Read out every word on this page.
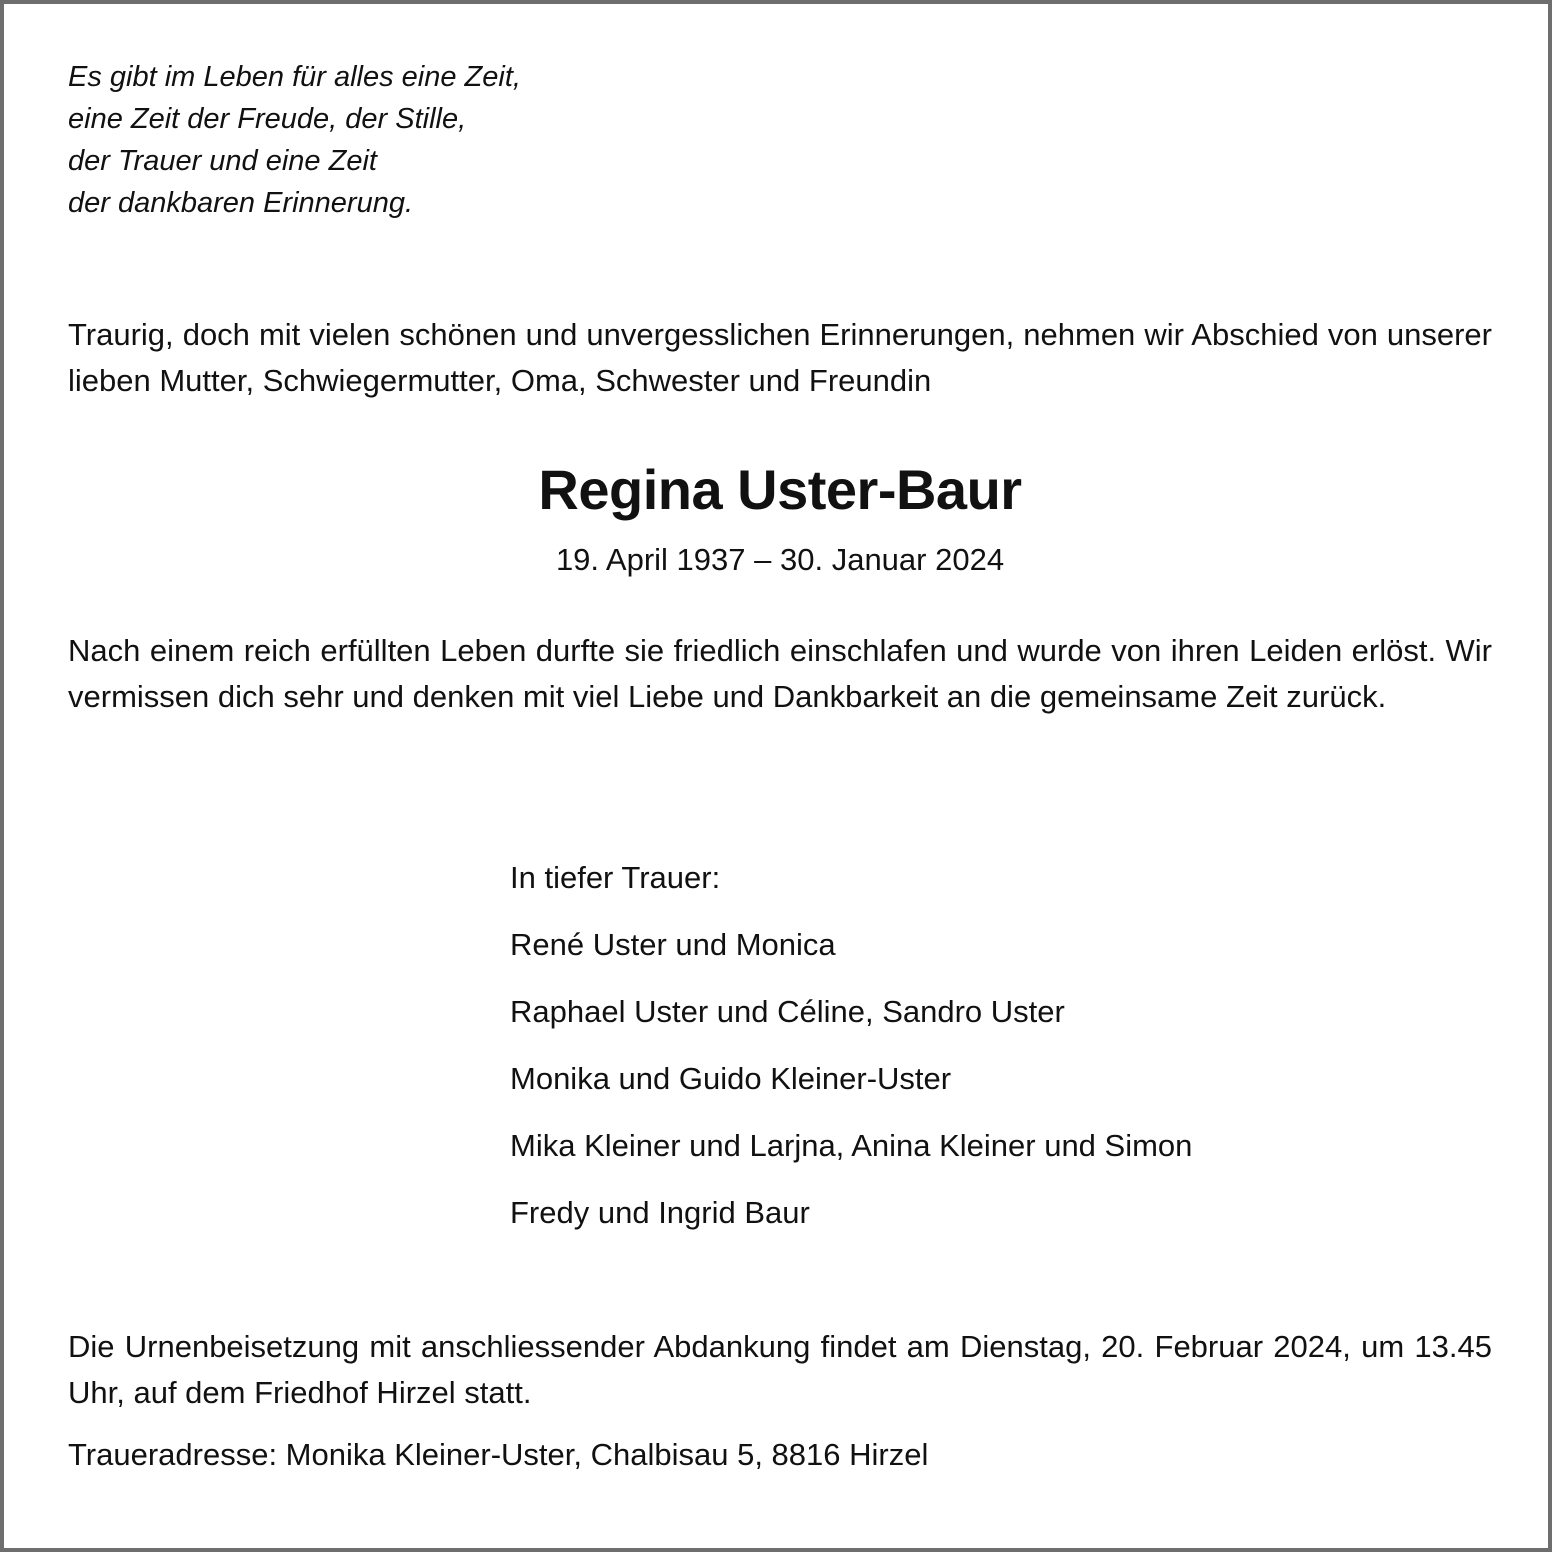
Es gibt im Leben für alles eine Zeit,
eine Zeit der Freude, der Stille,
der Trauer und eine Zeit
der dankbaren Erinnerung.

Traurig, doch mit vielen schönen und unvergesslichen Erinnerungen, nehmen wir Abschied von unserer lieben Mutter, Schwiegermutter, Oma, Schwester und Freundin

Regina Uster-Baur

19. April 1937 – 30. Januar 2024

Nach einem reich erfüllten Leben durfte sie friedlich einschlafen und wurde von ihren Leiden erlöst. Wir vermissen dich sehr und denken mit viel Liebe und Dankbarkeit an die gemeinsame Zeit zurück.

In tiefer Trauer:
René Uster und Monica
Raphael Uster und Céline, Sandro Uster
Monika und Guido Kleiner-Uster
Mika Kleiner und Larjna, Anina Kleiner und Simon
Fredy und Ingrid Baur

Die Urnenbeisetzung mit anschliessender Abdankung findet am Dienstag, 20. Februar 2024, um 13.45 Uhr, auf dem Friedhof Hirzel statt.

Traueradresse: Monika Kleiner-Uster, Chalbisau 5, 8816 Hirzel
